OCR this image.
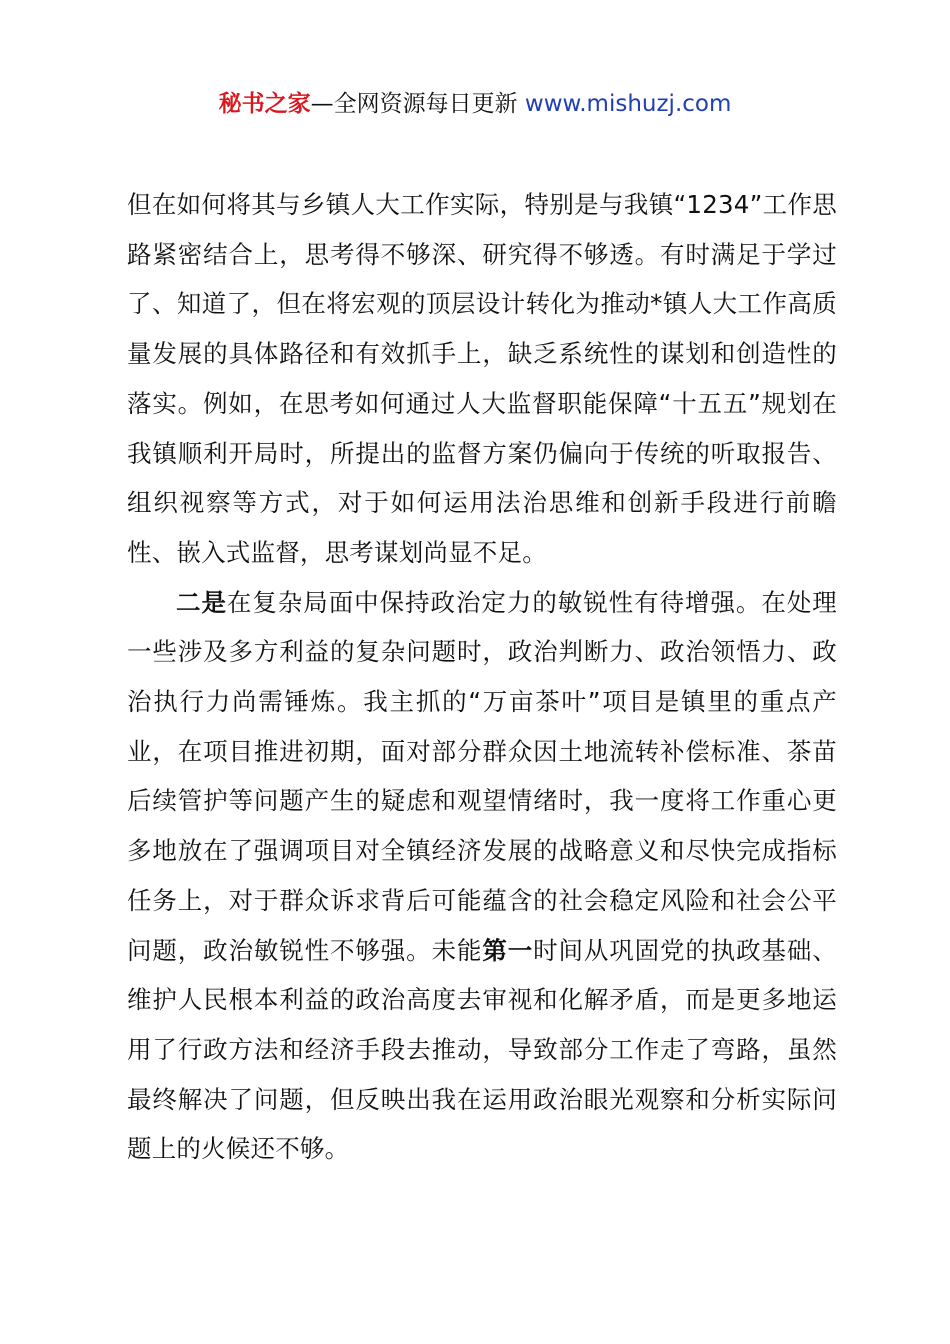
秘书之家—全网资源每日更新 www.mishuzj.com

但在如何将其与乡镇人大工作实际，特别是与我镇“1234”工作思路紧密结合上，思考得不够深、研究得不够透。有时满足于学过了、知道了，但在将宏观的顶层设计转化为推动*镇人大工作高质量发展的具体路径和有效抓手上，缺乏系统性的谋划和创造性的落实。例如，在思考如何通过人大监督职能保障“十五五”规划在我镇顺利开局时，所提出的监督方案仍偏向于传统的听取报告、组织视察等方式，对于如何运用法治思维和创新手段进行前瞻性、嵌入式监督，思考谋划尚显不足。

二是在复杂局面中保持政治定力的敏锐性有待增强。在处理一些涉及多方利益的复杂问题时，政治判断力、政治领悟力、政治执行力尚需锤炼。我主抓的“万亩茶叶”项目是镇里的重点产业，在项目推进初期，面对部分群众因土地流转补偿标准、茶苗后续管护等问题产生的疑虑和观望情绪时，我一度将工作重心更多地放在了强调项目对全镇经济发展的战略意义和尽快完成指标任务上，对于群众诉求背后可能蕴含的社会稳定风险和社会公平问题，政治敏锐性不够强。未能第一时间从巩固党的执政基础、维护人民根本利益的政治高度去审视和化解矛盾，而是更多地运用了行政方法和经济手段去推动，导致部分工作走了弯路，虽然最终解决了问题，但反映出我在运用政治眼光观察和分析实际问题上的火候还不够。
